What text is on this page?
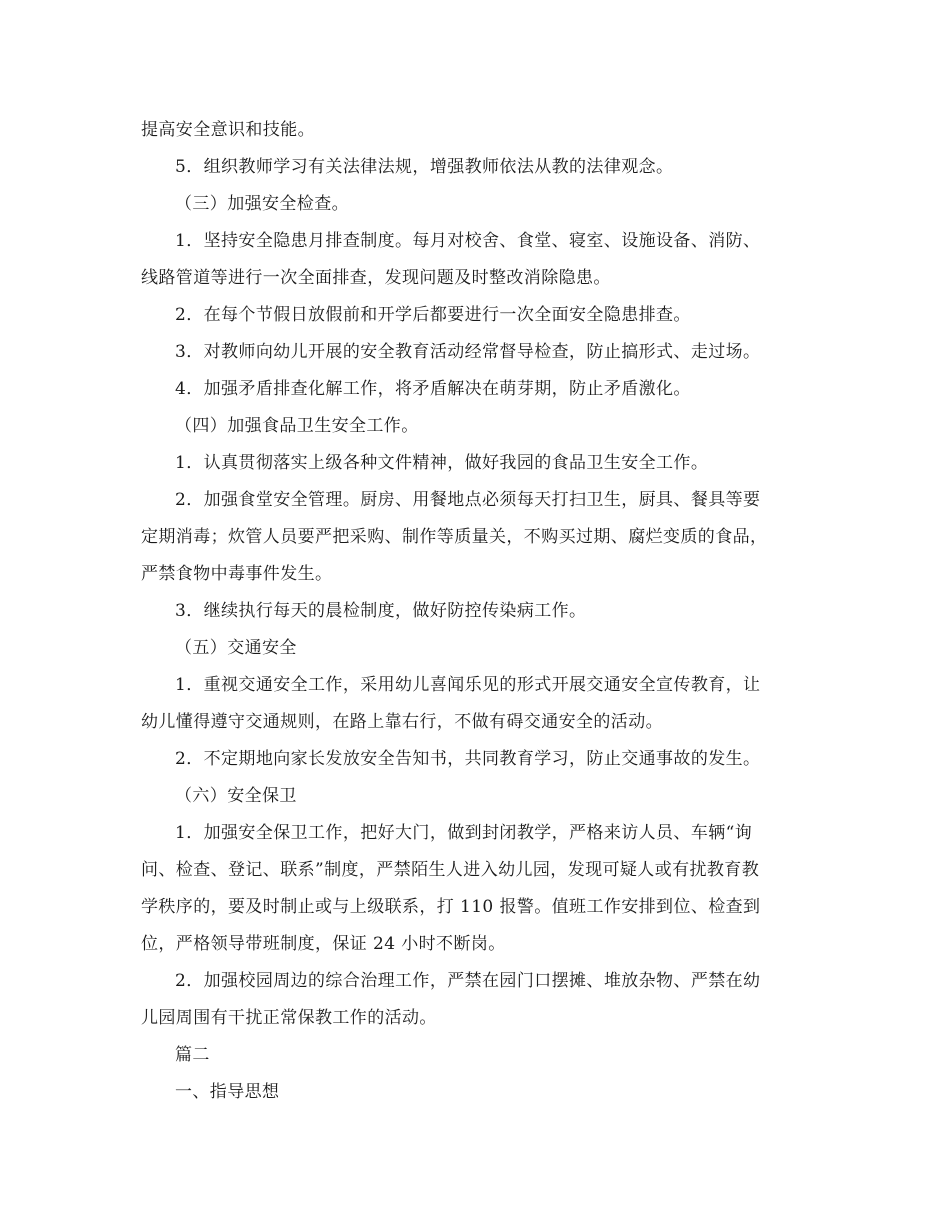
提高安全意识和技能。

5．组织教师学习有关法律法规，增强教师依法从教的法律观念。

（三）加强安全检查。

1．坚持安全隐患月排查制度。每月对校舍、食堂、寝室、设施设备、消防、
线路管道等进行一次全面排查，发现问题及时整改消除隐患。

2．在每个节假日放假前和开学后都要进行一次全面安全隐患排查。

3．对教师向幼儿开展的安全教育活动经常督导检查，防止搞形式、走过场。

4．加强矛盾排查化解工作，将矛盾解决在萌芽期，防止矛盾激化。

（四）加强食品卫生安全工作。

1．认真贯彻落实上级各种文件精神，做好我园的食品卫生安全工作。

2．加强食堂安全管理。厨房、用餐地点必须每天打扫卫生，厨具、餐具等要
定期消毒；炊管人员要严把采购、制作等质量关，不购买过期、腐烂变质的食品，
严禁食物中毒事件发生。

3．继续执行每天的晨检制度，做好防控传染病工作。

（五）交通安全

1．重视交通安全工作，采用幼儿喜闻乐见的形式开展交通安全宣传教育，让
幼儿懂得遵守交通规则，在路上靠右行，不做有碍交通安全的活动。

2．不定期地向家长发放安全告知书，共同教育学习，防止交通事故的发生。

（六）安全保卫

1．加强安全保卫工作，把好大门，做到封闭教学，严格来访人员、车辆“询
问、检查、登记、联系”制度，严禁陌生人进入幼儿园，发现可疑人或有扰教育教
学秩序的，要及时制止或与上级联系，打 110 报警。值班工作安排到位、检查到
位，严格领导带班制度，保证 24 小时不断岗。

2．加强校园周边的综合治理工作，严禁在园门口摆摊、堆放杂物、严禁在幼
儿园周围有干扰正常保教工作的活动。

篇二

一、指导思想
